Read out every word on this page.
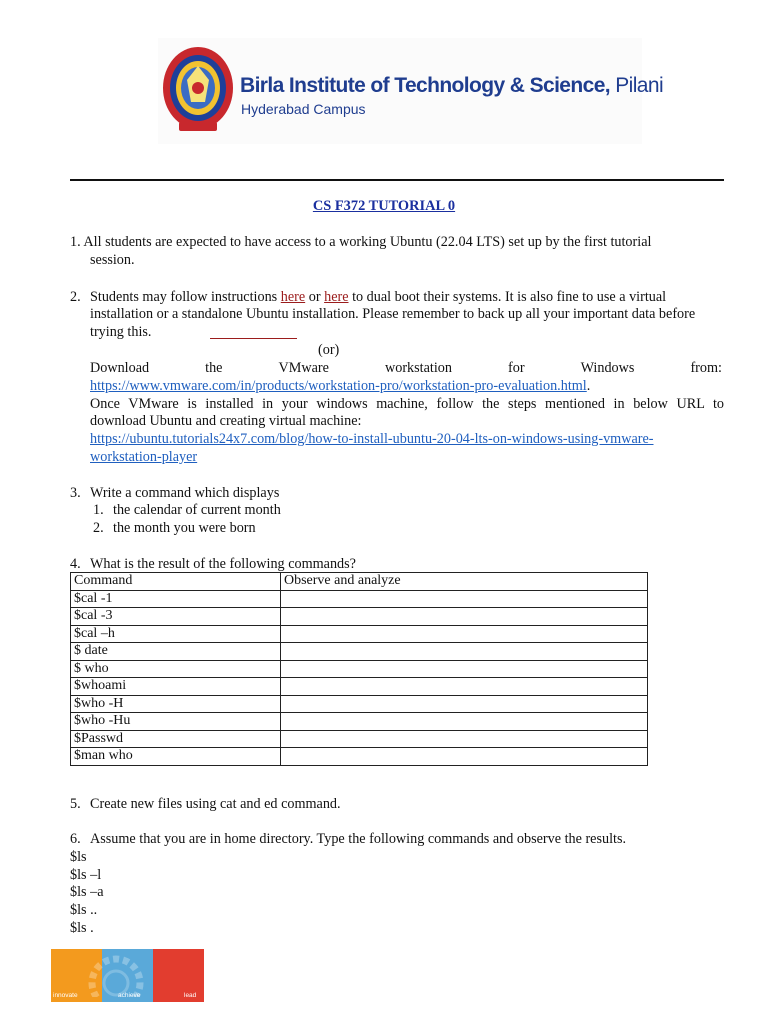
Birla Institute of Technology & Science, Pilani
Hyderabad Campus
CS F372 TUTORIAL 0
1. All students are expected to have access to a working Ubuntu (22.04 LTS) set up by the first tutorial
session.
2. Students may follow instructions here or here to dual boot their systems. It is also fine to use a virtual
installation or a standalone Ubuntu installation. Please remember to back up all your important data before
trying this.
(or)
Download	the	VMware	workstation	for	Windows	from:
https://www.vmware.com/in/products/workstation-pro/workstation-pro-evaluation.html.
Once VMware is installed in your windows machine, follow the steps mentioned in below URL to
download Ubuntu and creating virtual machine:
https://ubuntu.tutorials24x7.com/blog/how-to-install-ubuntu-20-04-lts-on-windows-using-vmware-
workstation-player
3. Write a command which displays
1. the calendar of current month
2. the month you were born
4. What is the result of the following commands?
Command	Observe and analyze
$cal -1	
$cal -3	
$cal –h	
$ date	
$ who	
$whoami	
$who -H	
$who -Hu	
$Passwd	
$man who	
5. Create new files using cat and ed command.
6. Assume that you are in home directory. Type the following commands and observe the results.
$ls
$ls –l
$ls –a
$ls ..
$ls .
innovate	achieve	lead
